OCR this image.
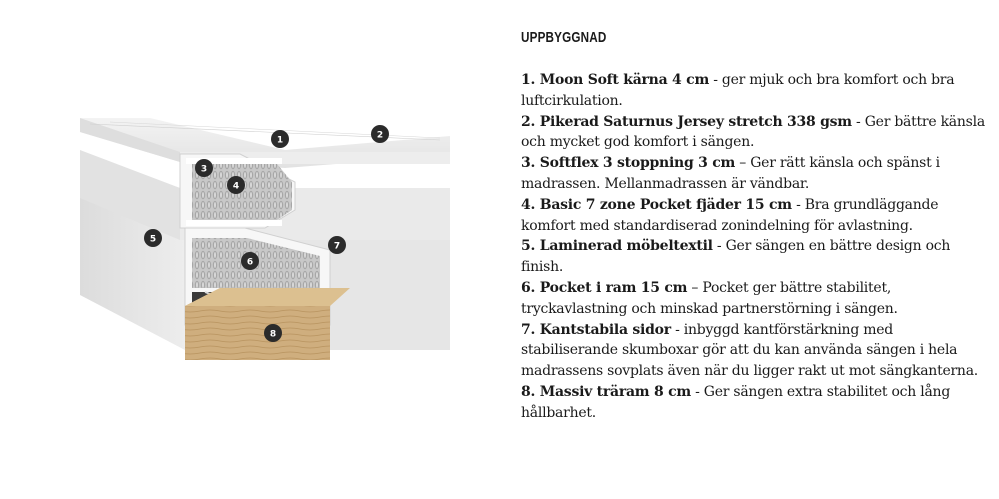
1	2
3
4
5
6
7
8
UPPBYGGNAD
1. Moon Soft kärna 4 cm - ger mjuk och bra komfort och bra luftcirkulation.
2. Pikerad Saturnus Jersey stretch 338 gsm - Ger bättre känsla och mycket god komfort i sängen.
3. Softflex 3 stoppning 3 cm – Ger rätt känsla och spänst i madrassen. Mellanmadrassen är vändbar.
4. Basic 7 zone Pocket fjäder 15 cm - Bra grundläggande komfort med standardiserad zonindelning för avlastning.
5. Laminerad möbeltextil - Ger sängen en bättre design och finish.
6. Pocket i ram 15 cm – Pocket ger bättre stabilitet, tryckavlastning och minskad partnerstörning i sängen.
7. Kantstabila sidor - inbyggd kantförstärkning med stabiliserande skumboxar gör att du kan använda sängen i hela madrassens sovplats även när du ligger rakt ut mot sängkanterna.
8. Massiv träram 8 cm - Ger sängen extra stabilitet och lång hållbarhet.
